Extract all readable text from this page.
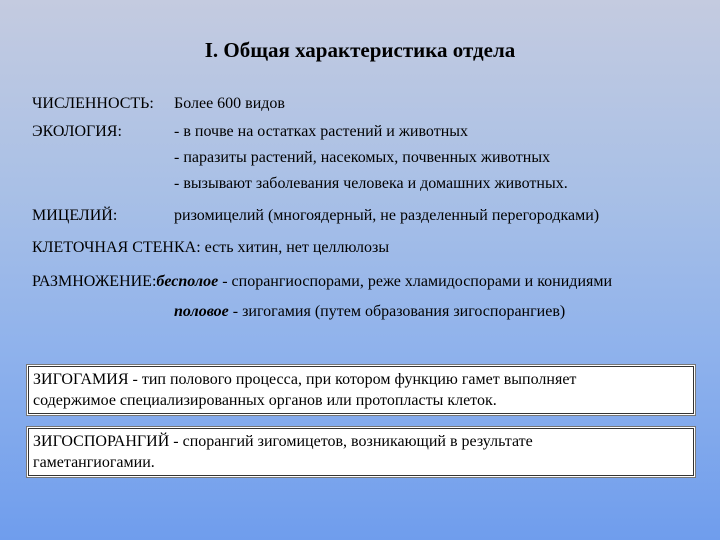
I. Общая характеристика отдела
ЧИСЛЕННОСТЬ: Более 600 видов
ЭКОЛОГИЯ:	- в почве на остатках растений и животных
- паразиты растений, насекомых, почвенных животных
- вызывают заболевания человека и домашних животных.
МИЦЕЛИЙ:	ризомицелий (многоядерный, не разделенный перегородками)
КЛЕТОЧНАЯ СТЕНКА: есть хитин, нет целлюлозы
РАЗМНОЖЕНИЕ:бесполое - спорангиоспорами, реже хламидоспорами и конидиями
половое - зигогамия (путем образования зигоспорангиев)
ЗИГОГАМИЯ - тип полового процесса, при котором функцию гамет выполняет
содержимое специализированных органов или протопласты клеток.
ЗИГОСПОРАНГИЙ - спорангий зигомицетов, возникающий в результате
гаметангиогамии.
